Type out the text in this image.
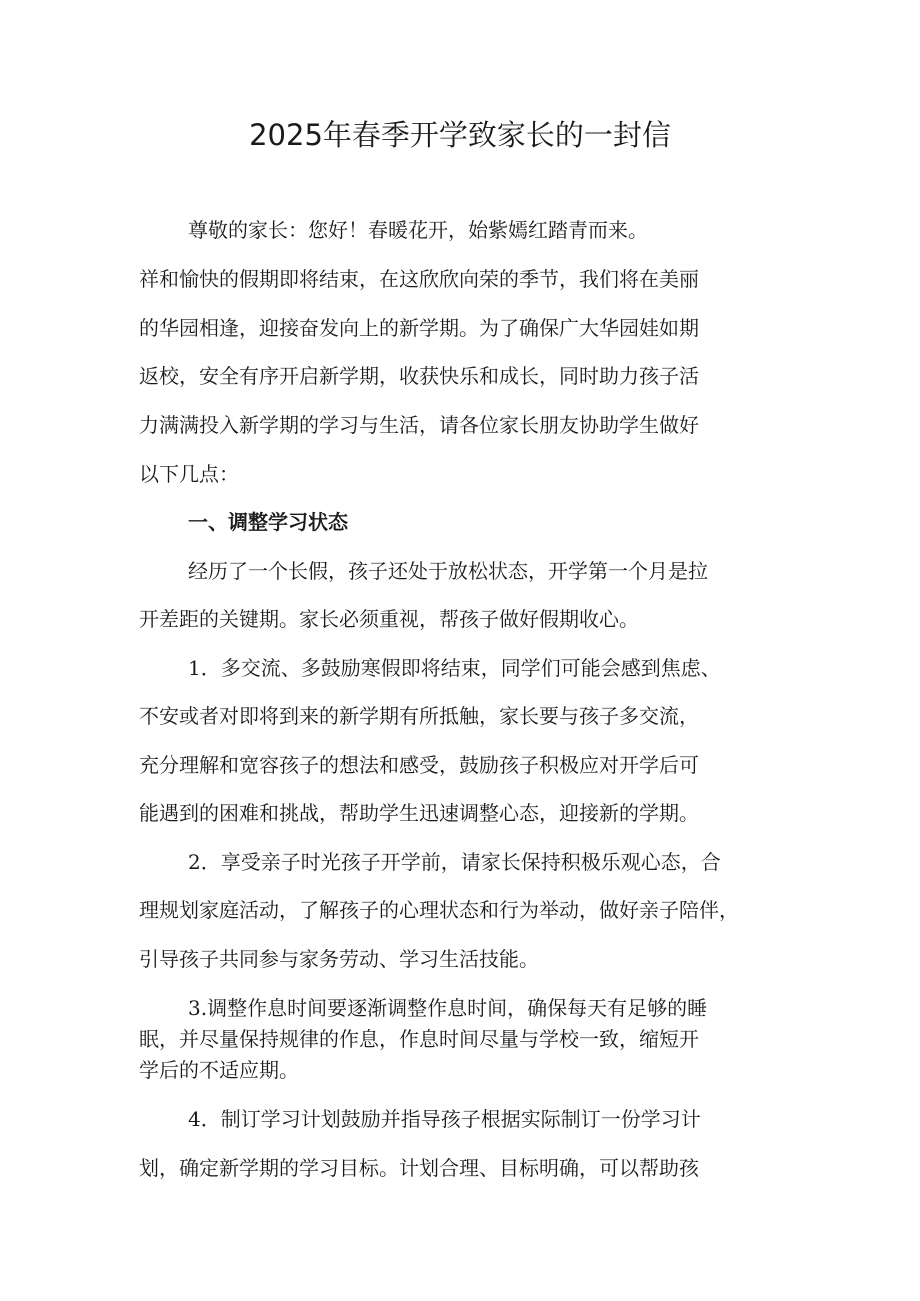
2025年春季开学致家长的一封信
尊敬的家长：您好！春暖花开，始紫嫣红踏青而来。
祥和愉快的假期即将结束，在这欣欣向荣的季节，我们将在美丽
的华园相逢，迎接奋发向上的新学期。为了确保广大华园娃如期
返校，安全有序开启新学期，收获快乐和成长，同时助力孩子活
力满满投入新学期的学习与生活，请各位家长朋友协助学生做好
以下几点：
一、调整学习状态
经历了一个长假，孩子还处于放松状态，开学第一个月是拉
开差距的关键期。家长必须重视，帮孩子做好假期收心。
1．多交流、多鼓励寒假即将结束，同学们可能会感到焦虑、
不安或者对即将到来的新学期有所抵触，家长要与孩子多交流，
充分理解和宽容孩子的想法和感受，鼓励孩子积极应对开学后可
能遇到的困难和挑战，帮助学生迅速调整心态，迎接新的学期。
2．享受亲子时光孩子开学前，请家长保持积极乐观心态，合
理规划家庭活动，了解孩子的心理状态和行为举动，做好亲子陪伴，
引导孩子共同参与家务劳动、学习生活技能。
3.调整作息时间要逐渐调整作息时间，确保每天有足够的睡
眠，并尽量保持规律的作息，作息时间尽量与学校一致，缩短开
学后的不适应期。
4．制订学习计划鼓励并指导孩子根据实际制订一份学习计
划，确定新学期的学习目标。计划合理、目标明确，可以帮助孩
